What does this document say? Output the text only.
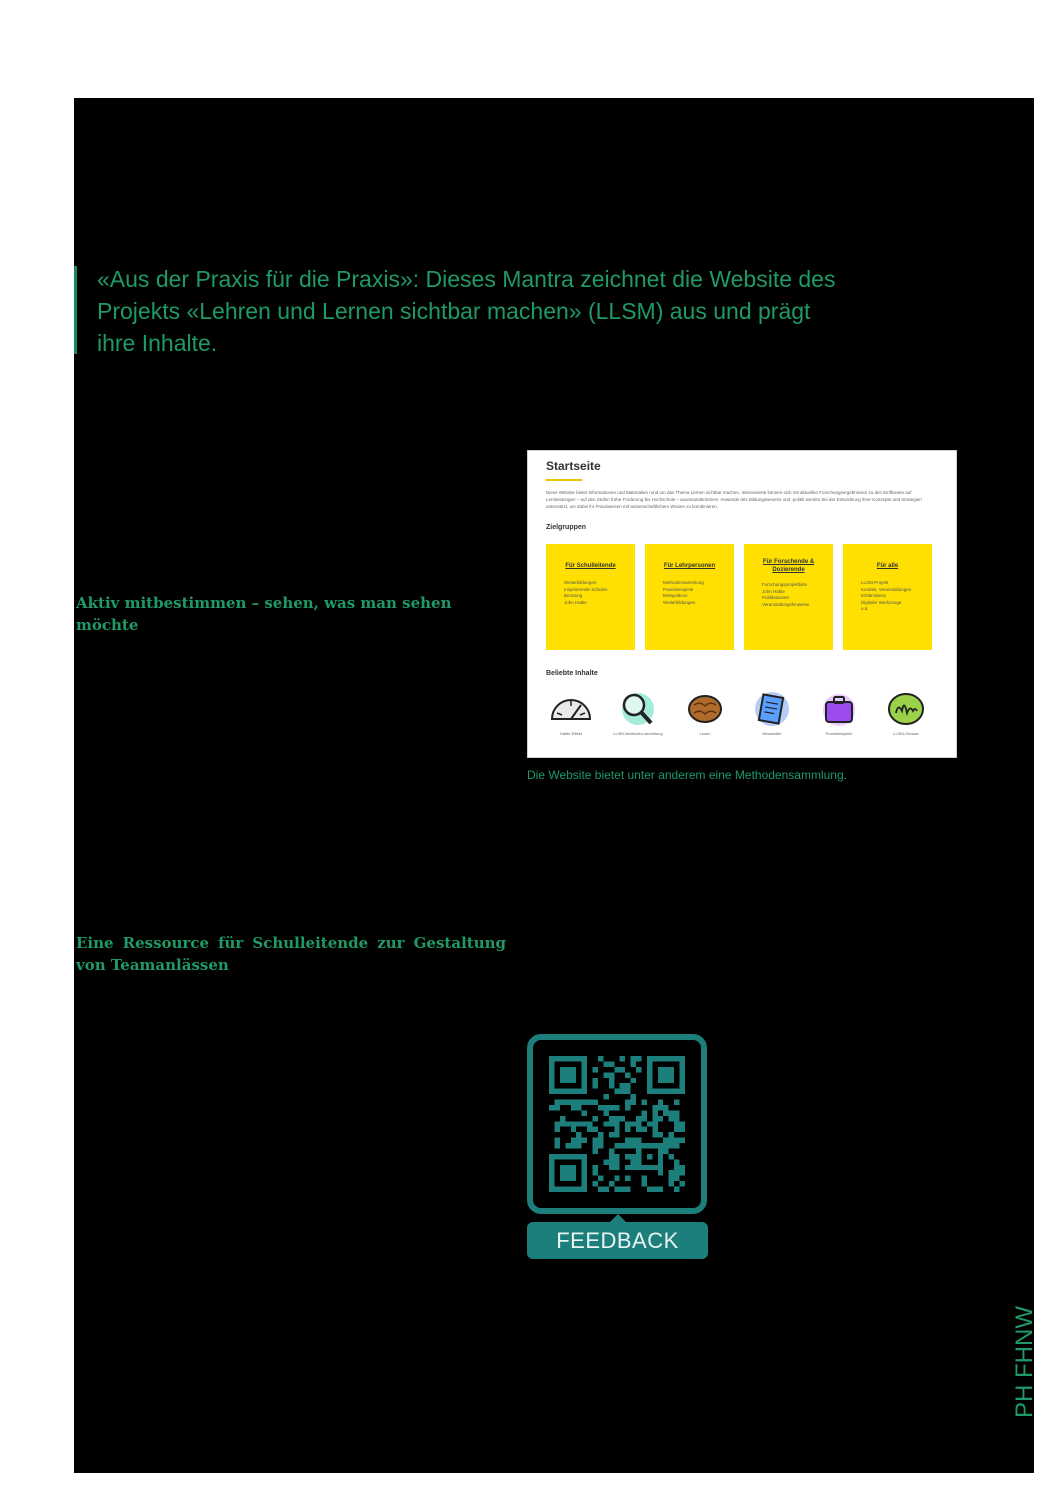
«Aus der Praxis für die Praxis»: Dieses Mantra zeichnet die Website des Projekts «Lehren und Lernen sichtbar machen» (LLSM) aus und prägt ihre Inhalte.
Aktiv mitbestimmen – sehen, was man sehen möchte
Eine Ressource für Schulleitende zur Gestaltung von Teamanlässen
Startseite
Diese Website bietet Informationen und Materialien rund um das Thema Lernen sichtbar machen. Interessierte können sich mit aktuellen Forschungsergebnissen zu den Einflüssen auf Lernleistungen – auf den Stufen frühe Förderung bis Hochschule – auseinandersetzen. Anwende des Bildungswesens und -politik werden bei der Entwicklung ihrer Konzepte und Strategien unterstützt, um dabei ihr Praxiswissen mit wissenschaftlichem Wissen zu kombinieren.
Zielgruppen
Für Schulleitende
Weiterbildungen
Inspirierende Schulen
Beratung
John Hattie
Für Lehrpersonen
Methodensammlung
Praxisbeispiele
Belegvideos
Weiterbildungen
Für Forschende & Dozierende
Forschungsprojektliste
John Hattie
Publikationen
Veranstaltungshinweise
Für alle
LLSM-Projekt
Kontakt, Veranstaltungen
Erklärvideos
Digitaler Werkzeuge
u.ä.
Beliebte Inhalte
Hattie-Effekt	LLSM-Methoden-sammlung	Lesen	Newsletter	Praxisbeispiele	LLSM-Glossar
Die Website bietet unter anderem eine Methodensammlung.
FEEDBACK
PH FHNW
